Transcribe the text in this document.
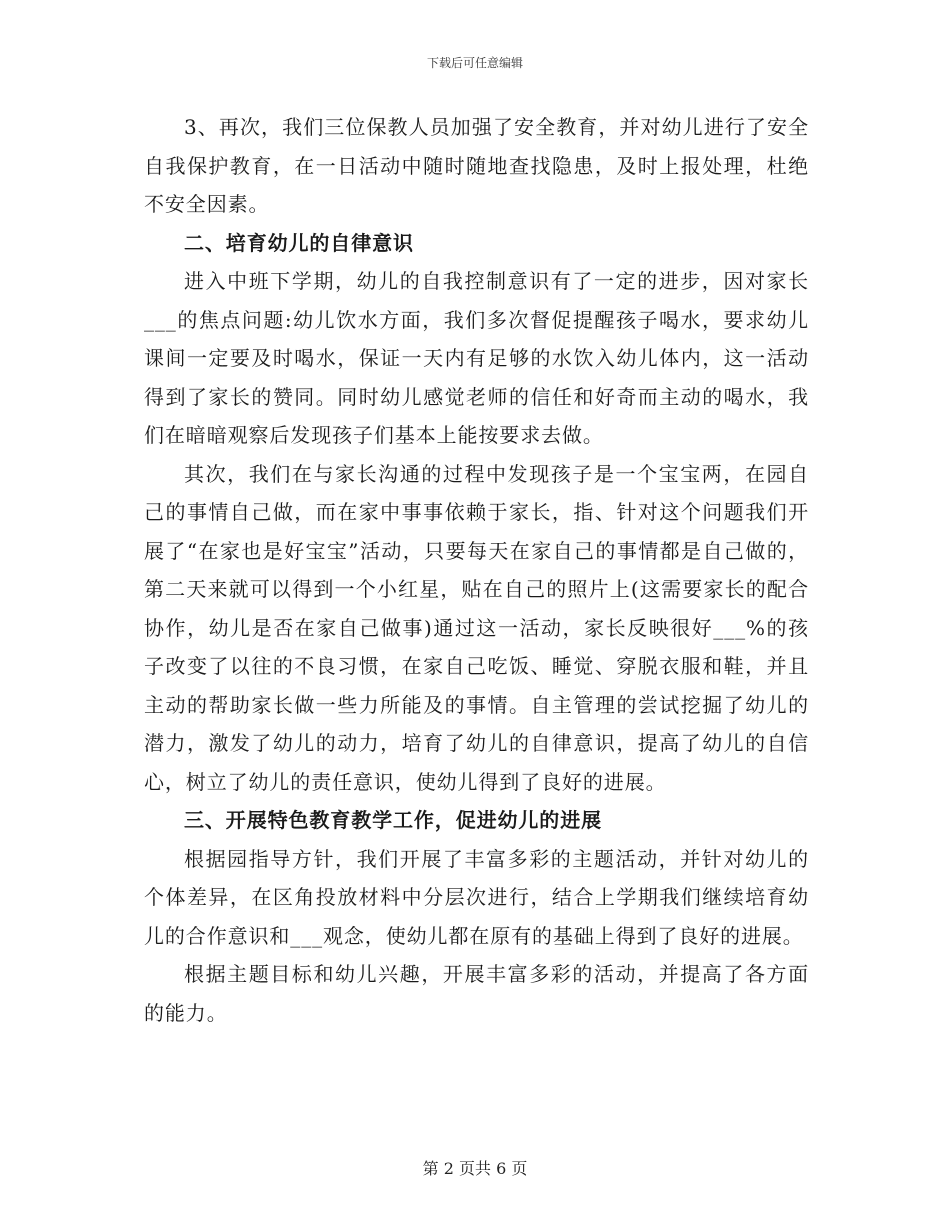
下载后可任意编辑

3、再次，我们三位保教人员加强了安全教育，并对幼儿进行了安全自我保护教育，在一日活动中随时随地查找隐患，及时上报处理，杜绝不安全因素。

二、培育幼儿的自律意识

进入中班下学期，幼儿的自我控制意识有了一定的进步，因对家长___的焦点问题:幼儿饮水方面，我们多次督促提醒孩子喝水，要求幼儿课间一定要及时喝水，保证一天内有足够的水饮入幼儿体内，这一活动得到了家长的赞同。同时幼儿感觉老师的信任和好奇而主动的喝水，我们在暗暗观察后发现孩子们基本上能按要求去做。

其次，我们在与家长沟通的过程中发现孩子是一个宝宝两，在园自己的事情自己做，而在家中事事依赖于家长，指、针对这个问题我们开展了“在家也是好宝宝”活动，只要每天在家自己的事情都是自己做的，第二天来就可以得到一个小红星，贴在自己的照片上(这需要家长的配合协作，幼儿是否在家自己做事)通过这一活动，家长反映很好___%的孩子改变了以往的不良习惯，在家自己吃饭、睡觉、穿脱衣服和鞋，并且主动的帮助家长做一些力所能及的事情。自主管理的尝试挖掘了幼儿的潜力，激发了幼儿的动力，培育了幼儿的自律意识，提高了幼儿的自信心，树立了幼儿的责任意识，使幼儿得到了良好的进展。

三、开展特色教育教学工作，促进幼儿的进展

根据园指导方针，我们开展了丰富多彩的主题活动，并针对幼儿的个体差异，在区角投放材料中分层次进行，结合上学期我们继续培育幼儿的合作意识和___观念，使幼儿都在原有的基础上得到了良好的进展。

根据主题目标和幼儿兴趣，开展丰富多彩的活动，并提高了各方面的能力。

第 2 页共 6 页
